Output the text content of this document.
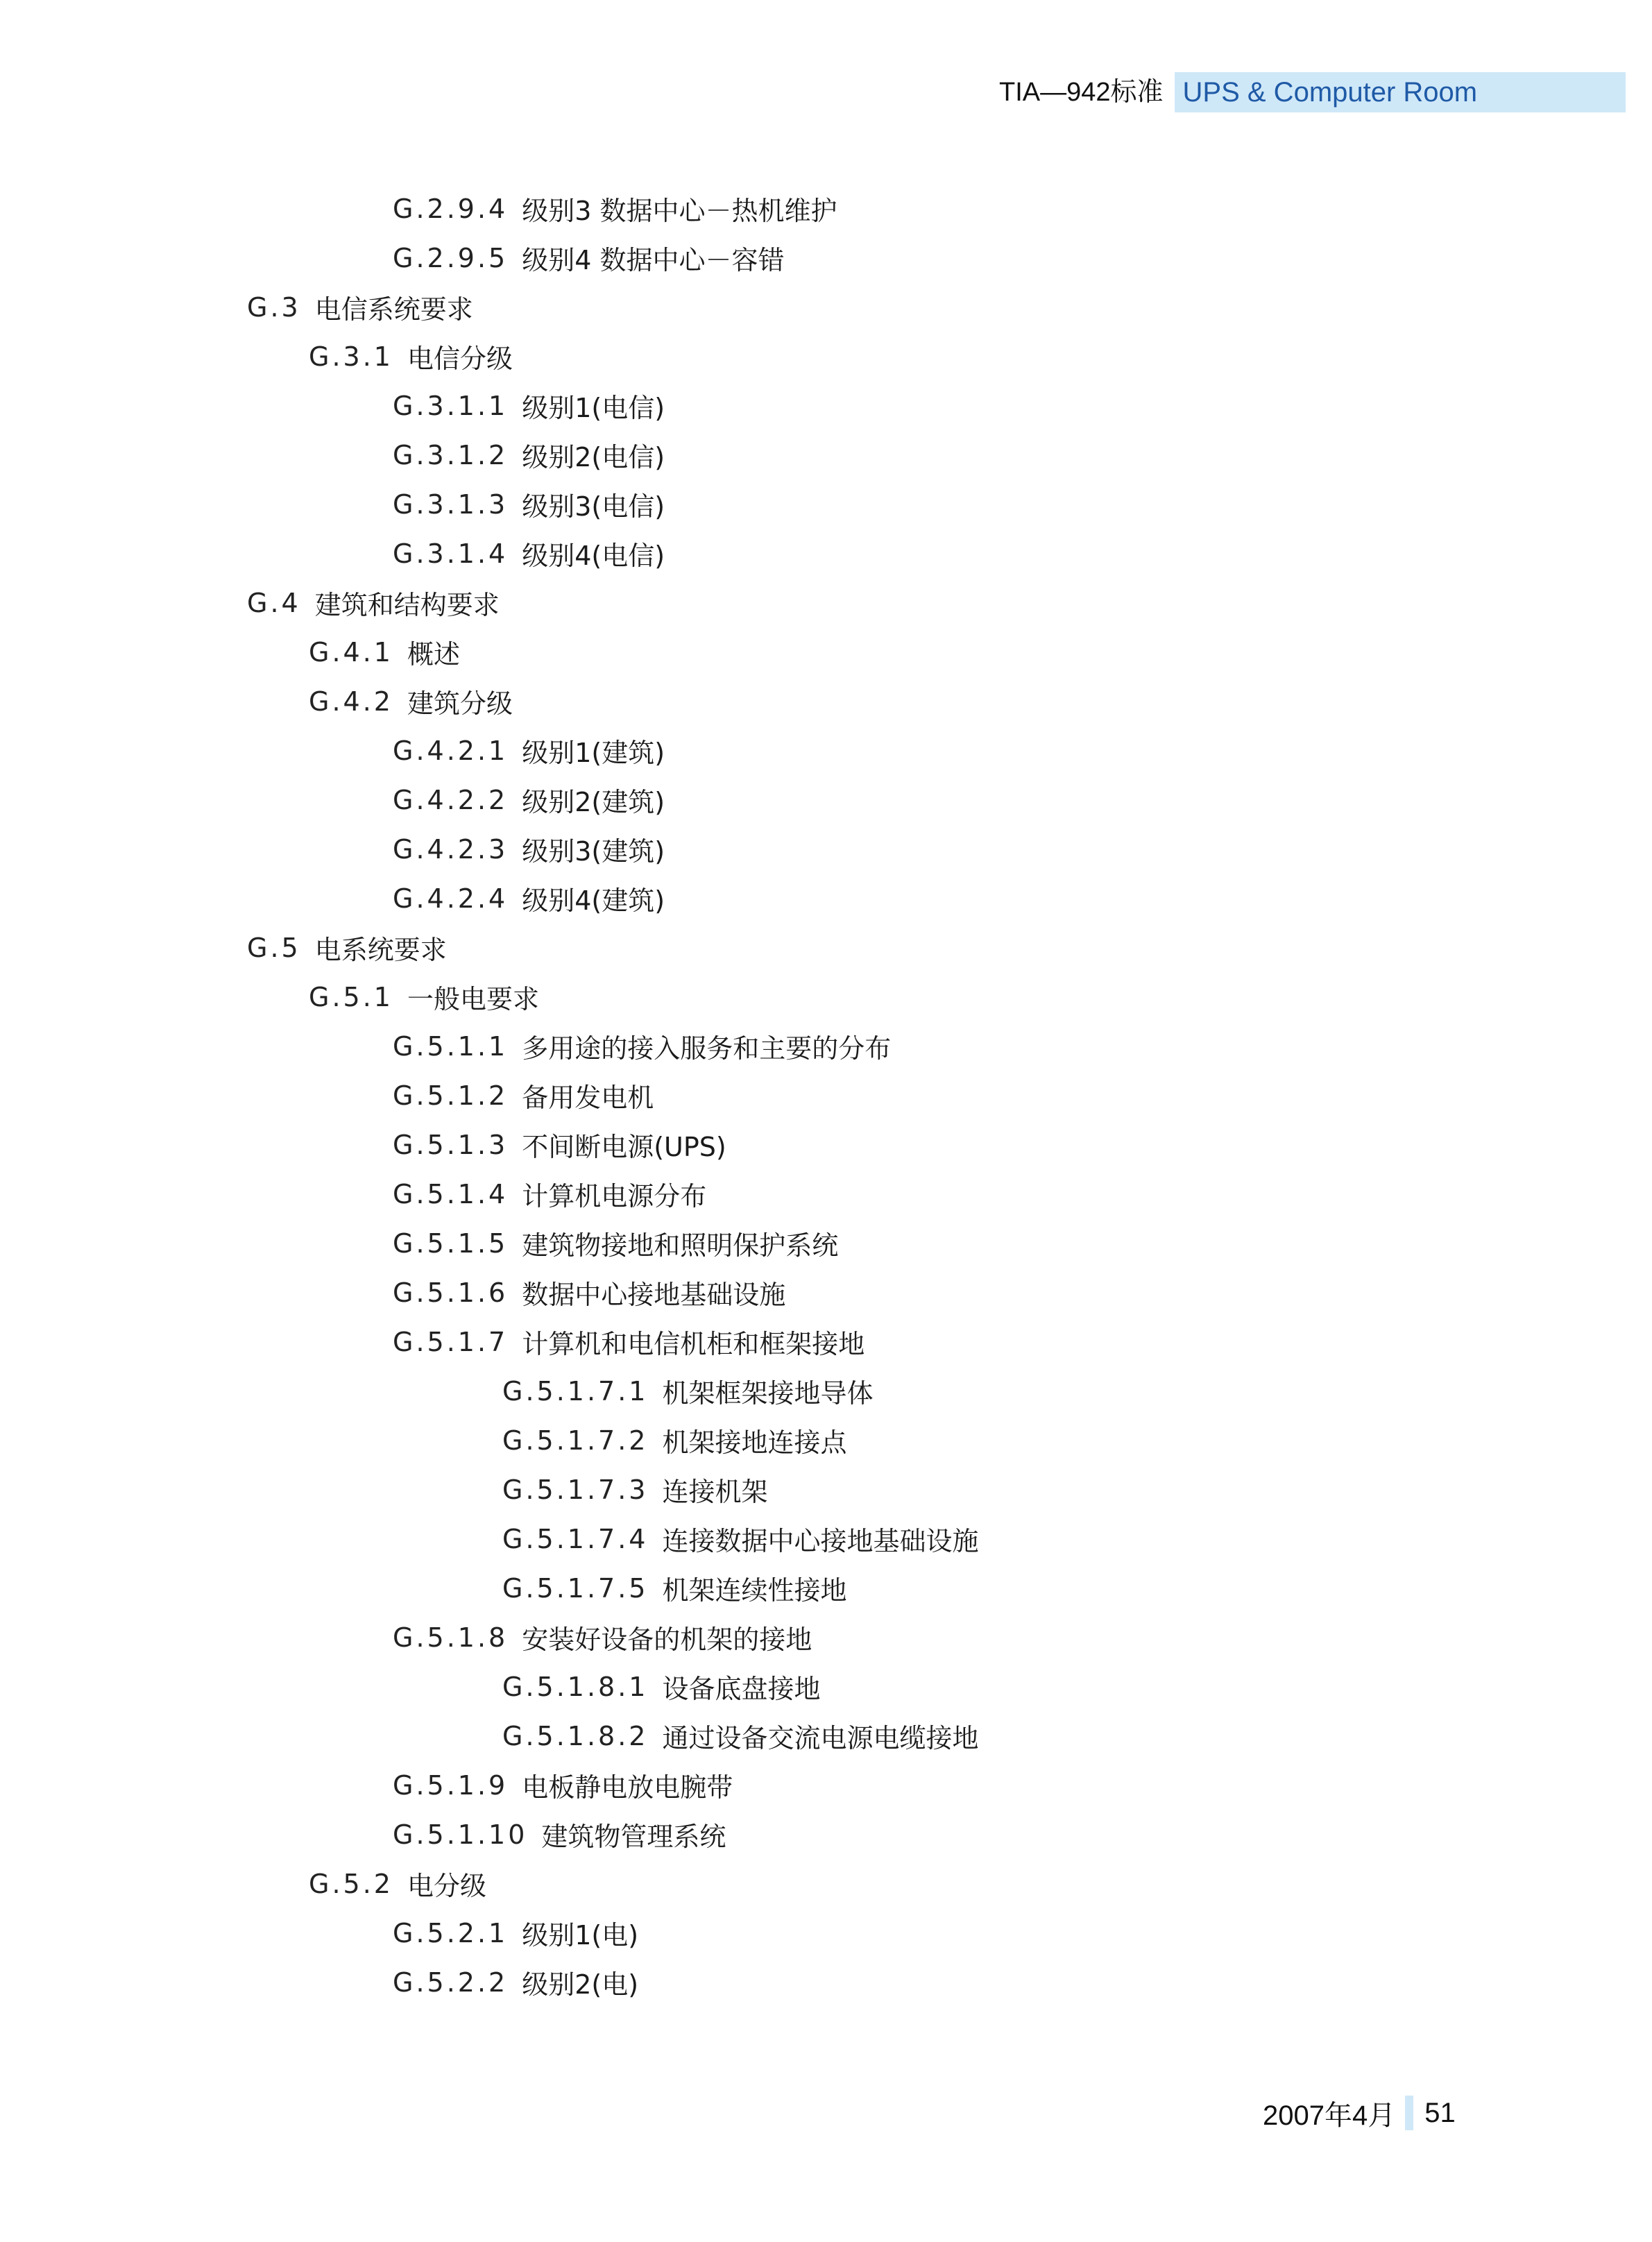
TIA—942标准 UPS & Computer Room
G.2.9.4 级别3 数据中心－热机维护
G.2.9.5 级别4 数据中心－容错
G.3 电信系统要求
G.3.1 电信分级
G.3.1.1 级别1(电信)
G.3.1.2 级别2(电信)
G.3.1.3 级别3(电信)
G.3.1.4 级别4(电信)
G.4 建筑和结构要求
G.4.1 概述
G.4.2 建筑分级
G.4.2.1 级别1(建筑)
G.4.2.2 级别2(建筑)
G.4.2.3 级别3(建筑)
G.4.2.4 级别4(建筑)
G.5 电系统要求
G.5.1 一般电要求
G.5.1.1 多用途的接入服务和主要的分布
G.5.1.2 备用发电机
G.5.1.3 不间断电源(UPS)
G.5.1.4 计算机电源分布
G.5.1.5 建筑物接地和照明保护系统
G.5.1.6 数据中心接地基础设施
G.5.1.7 计算机和电信机柜和框架接地
G.5.1.7.1 机架框架接地导体
G.5.1.7.2 机架接地连接点
G.5.1.7.3 连接机架
G.5.1.7.4 连接数据中心接地基础设施
G.5.1.7.5 机架连续性接地
G.5.1.8 安装好设备的机架的接地
G.5.1.8.1 设备底盘接地
G.5.1.8.2 通过设备交流电源电缆接地
G.5.1.9 电板静电放电腕带
G.5.1.10 建筑物管理系统
G.5.2 电分级
G.5.2.1 级别1(电)
G.5.2.2 级别2(电)
2007年4月 51
